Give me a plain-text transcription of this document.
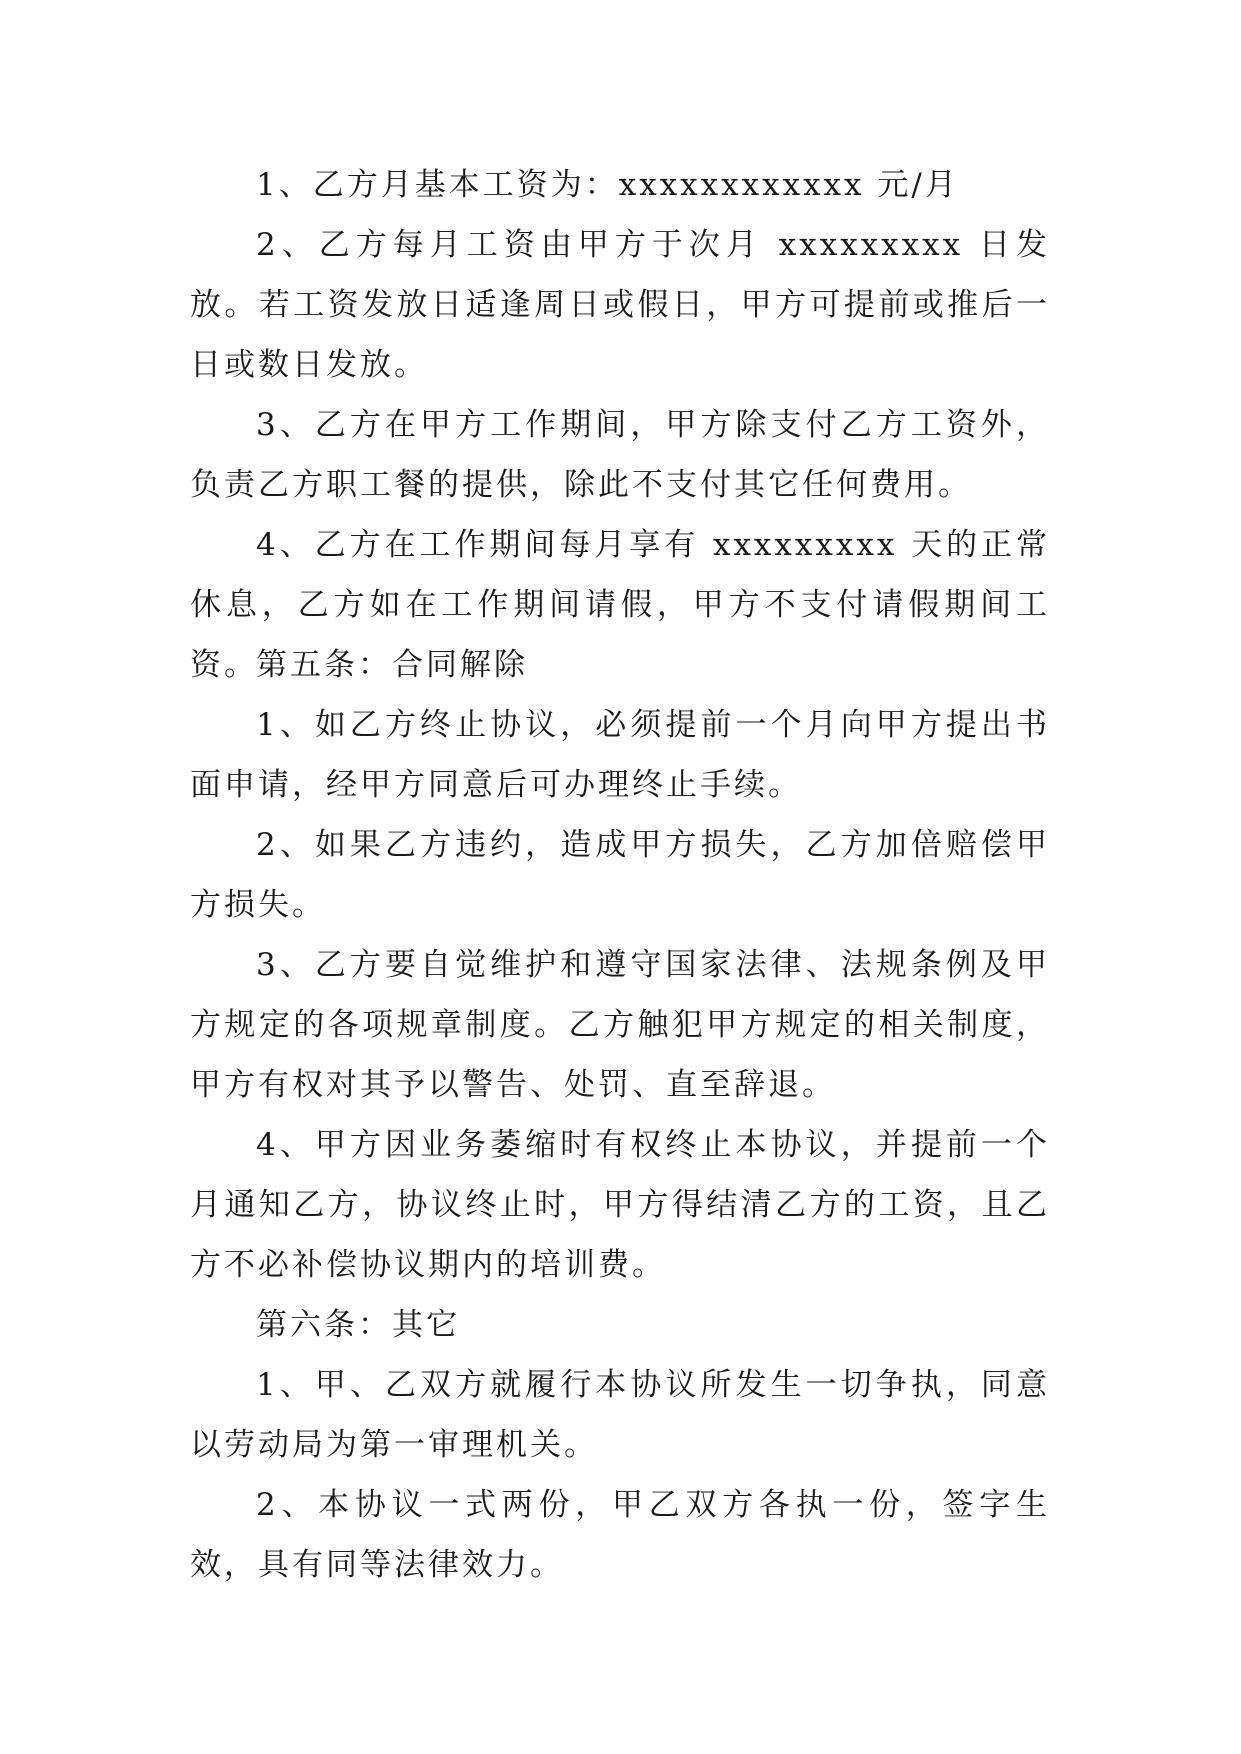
1、乙方月基本工资为：xxxxxxxxxxxx 元/月

2、乙方每月工资由甲方于次月 xxxxxxxxx 日发放。若工资发放日适逢周日或假日，甲方可提前或推后一日或数日发放。

3、乙方在甲方工作期间，甲方除支付乙方工资外，负责乙方职工餐的提供，除此不支付其它任何费用。

4、乙方在工作期间每月享有 xxxxxxxxx 天的正常休息，乙方如在工作期间请假，甲方不支付请假期间工资。

第五条：合同解除

1、如乙方终止协议，必须提前一个月向甲方提出书面申请，经甲方同意后可办理终止手续。

2、如果乙方违约，造成甲方损失，乙方加倍赔偿甲方损失。

3、乙方要自觉维护和遵守国家法律、法规条例及甲方规定的各项规章制度。乙方触犯甲方规定的相关制度，甲方有权对其予以警告、处罚、直至辞退。

4、甲方因业务萎缩时有权终止本协议，并提前一个月通知乙方，协议终止时，甲方得结清乙方的工资，且乙方不必补偿协议期内的培训费。

第六条：其它

1、甲、乙双方就履行本协议所发生一切争执，同意以劳动局为第一审理机关。

2、本协议一式两份，甲乙双方各执一份，签字生效，具有同等法律效力。
